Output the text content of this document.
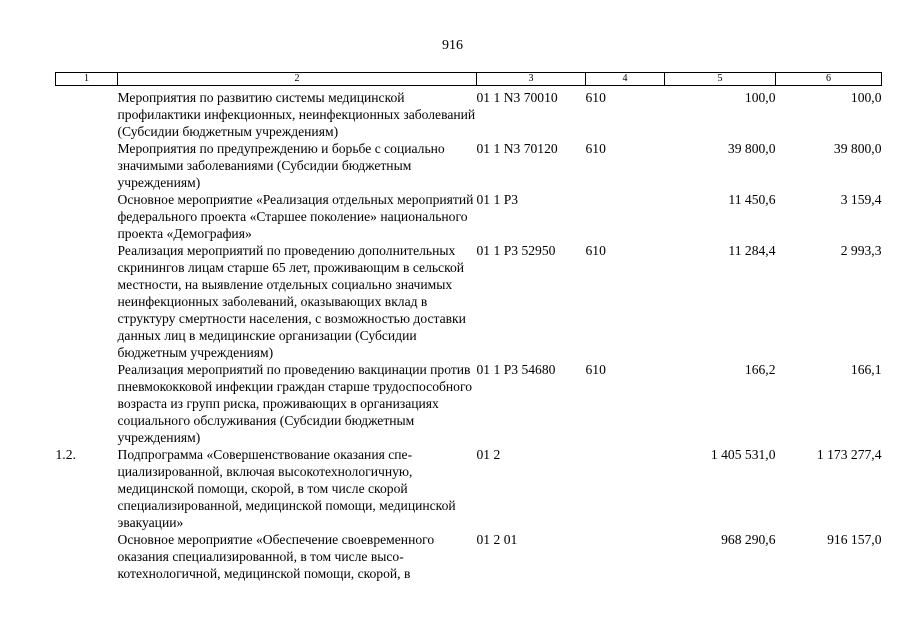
916
1	2	3	4	5	6
	Мероприятия по развитию системы медицинской профилактики инфекционных, неинфекционных заболеваний (Субсидии бюджетным учреждениям)	01 1 N3 70010	610	100,0	100,0
	Мероприятия по предупреждению и борьбе с социально значимыми заболеваниями (Субсидии бюджетным учреждениям)	01 1 N3 70120	610	39 800,0	39 800,0
	Основное мероприятие «Реализация отдельных мероприятий федерального проекта «Старшее поколение» национального проекта «Демография»	01 1 P3		11 450,6	3 159,4
	Реализация мероприятий по проведению дополнительных скринингов лицам старше 65 лет, проживающим в сельской местности, на выявление отдельных социально значимых неинфекционных заболеваний, оказывающих вклад в структуру смертности населения, с возможностью доставки данных лиц в медицинские организации (Субсидии бюджетным учреждениям)	01 1 P3 52950	610	11 284,4	2 993,3
	Реализация мероприятий по проведению вакцинации против пневмококковой инфекции граждан старше трудоспособного возраста из групп риска, проживающих в организациях социального обслуживания (Субсидии бюджетным учреждениям)	01 1 P3 54680	610	166,2	166,1
1.2.	Подпрограмма «Совершенствование оказания специализированной, включая высокотехнологичную, медицинской помощи, скорой, в том числе скорой специализированной, медицинской помощи, медицинской эвакуации»	01 2		1 405 531,0	1 173 277,4
	Основное мероприятие «Обеспечение своевременного оказания специализированной, в том числе высокотехнологичной, медицинской помощи, скорой, в	01 2 01		968 290,6	916 157,0
